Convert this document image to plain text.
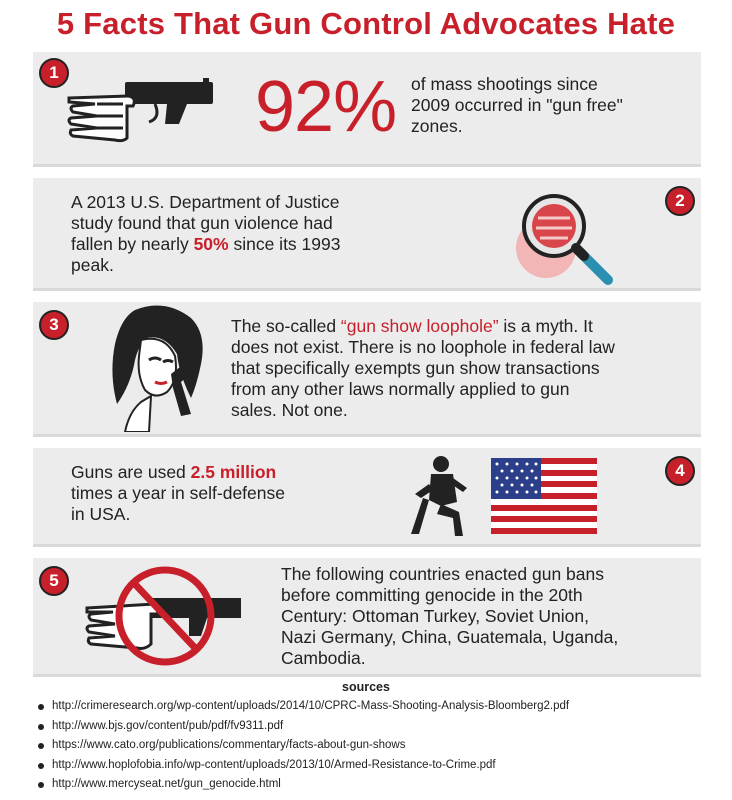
5 Facts That Gun Control Advocates Hate
1	92% of mass shootings since
2009 occurred in "gun free"
zones.
2
A 2013 U.S. Department of Justice
study found that gun violence had
fallen by nearly 50% since its 1993
peak.
3	The so-called “gun show loophole” is a myth. It
does not exist. There is no loophole in federal law
that specifically exempts gun show transactions
from any other laws normally applied to gun
sales. Not one.
4
Guns are used 2.5 million
times a year in self-defense
in USA.
5	The following countries enacted gun bans
before committing genocide in the 20th
Century: Ottoman Turkey, Soviet Union,
Nazi Germany, China, Guatemala, Uganda,
Cambodia.
sources
http://crimeresearch.org/wp-content/uploads/2014/10/CPRC-Mass-Shooting-Analysis-Bloomberg2.pdf
http://www.bjs.gov/content/pub/pdf/fv9311.pdf
https://www.cato.org/publications/commentary/facts-about-gun-shows
http://www.hoplofobia.info/wp-content/uploads/2013/10/Armed-Resistance-to-Crime.pdf
http://www.mercyseat.net/gun_genocide.html
